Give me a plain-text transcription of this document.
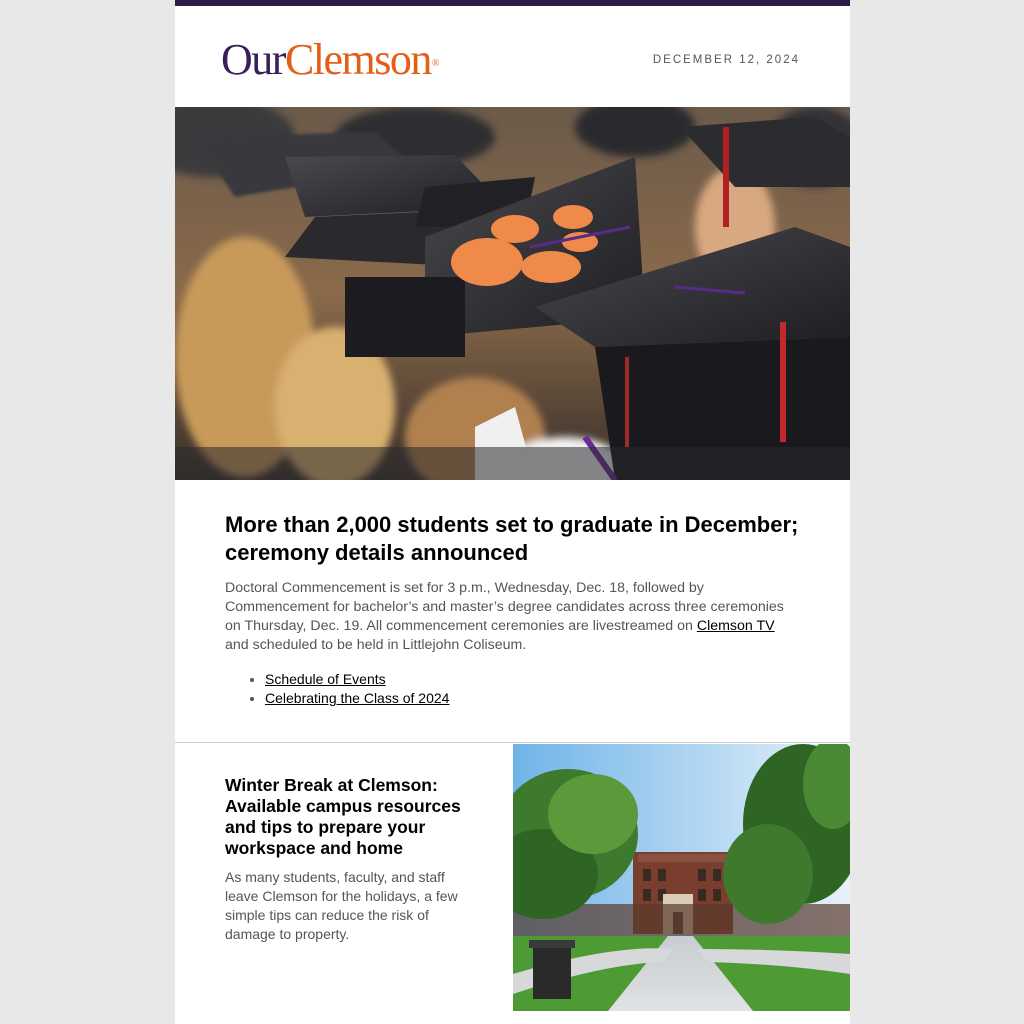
OurClemson®	DECEMBER 12, 2024
More than 2,000 students set to graduate in December; ceremony details announced

Doctoral Commencement is set for 3 p.m., Wednesday, Dec. 18, followed by Commencement for bachelor’s and master’s degree candidates across three ceremonies on Thursday, Dec. 19. All commencement ceremonies are livestreamed on Clemson TV and scheduled to be held in Littlejohn Coliseum.

• Schedule of Events
• Celebrating the Class of 2024
Winter Break at Clemson: Available campus resources and tips to prepare your workspace and home

As many students, faculty, and staff leave Clemson for the holidays, a few simple tips can reduce the risk of damage to property.
